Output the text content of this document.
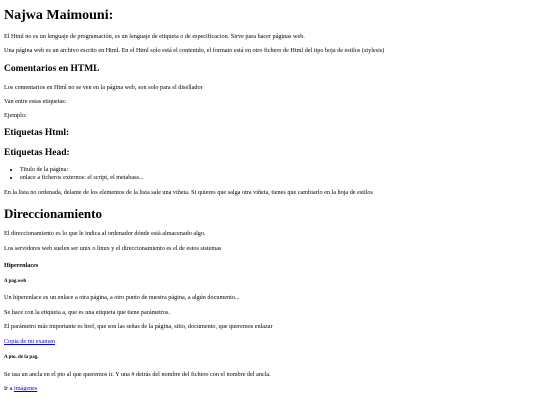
Najwa Maimouni:
El Html no es un lenguaje de programación, es un lenguaje de etiqueta o de especificacion. Sirve para hacer páginas web.
Una página web es un archivo escrito en Html. En el Html solo está el contenido, el formato está en otro fichero de Html del tipo hoja de estilos (stylesis)
Comentarios en HTML
Los comentarios en Html no se ven en la página web, son solo para el disellador
Van entre estas etiquetas:
Ejemplo:
Etiquetas Html:
Etiquetas Head:
• Titulo de la página:
• enlace a ficheros externos: el script, el metabass...
En la lista no ordenada, delante de los elementos de la lista sale una viñeta. Si quieres que salga otra viñeta, tienes que cambiarlo en la hoja de estilos
Direccionamiento
El direccionamiento es lo que le indica al ordenador dónde está almacenado algo.
Los servidores web suelen ser unix o linux y el direccionamiento es el de estos sistemas
Hiperenlaces
A pag.web
Un hiperenlace es un enlace a otra página, a otro punto de nuestra página, a algún documento...
Se hace con la etiqueta a, que es una etiqueta que tiene parámetros.
El parámetro más importante es href, que son las señas de la página, sitio, documento, que queremos enlazar
Copia de mi examen
A pto. de la pag.
Se usa un ancla en el pto al que queremos ir. Y una # detrás del nombre del fichero con el nombre del ancla.
Ir a imágenes
